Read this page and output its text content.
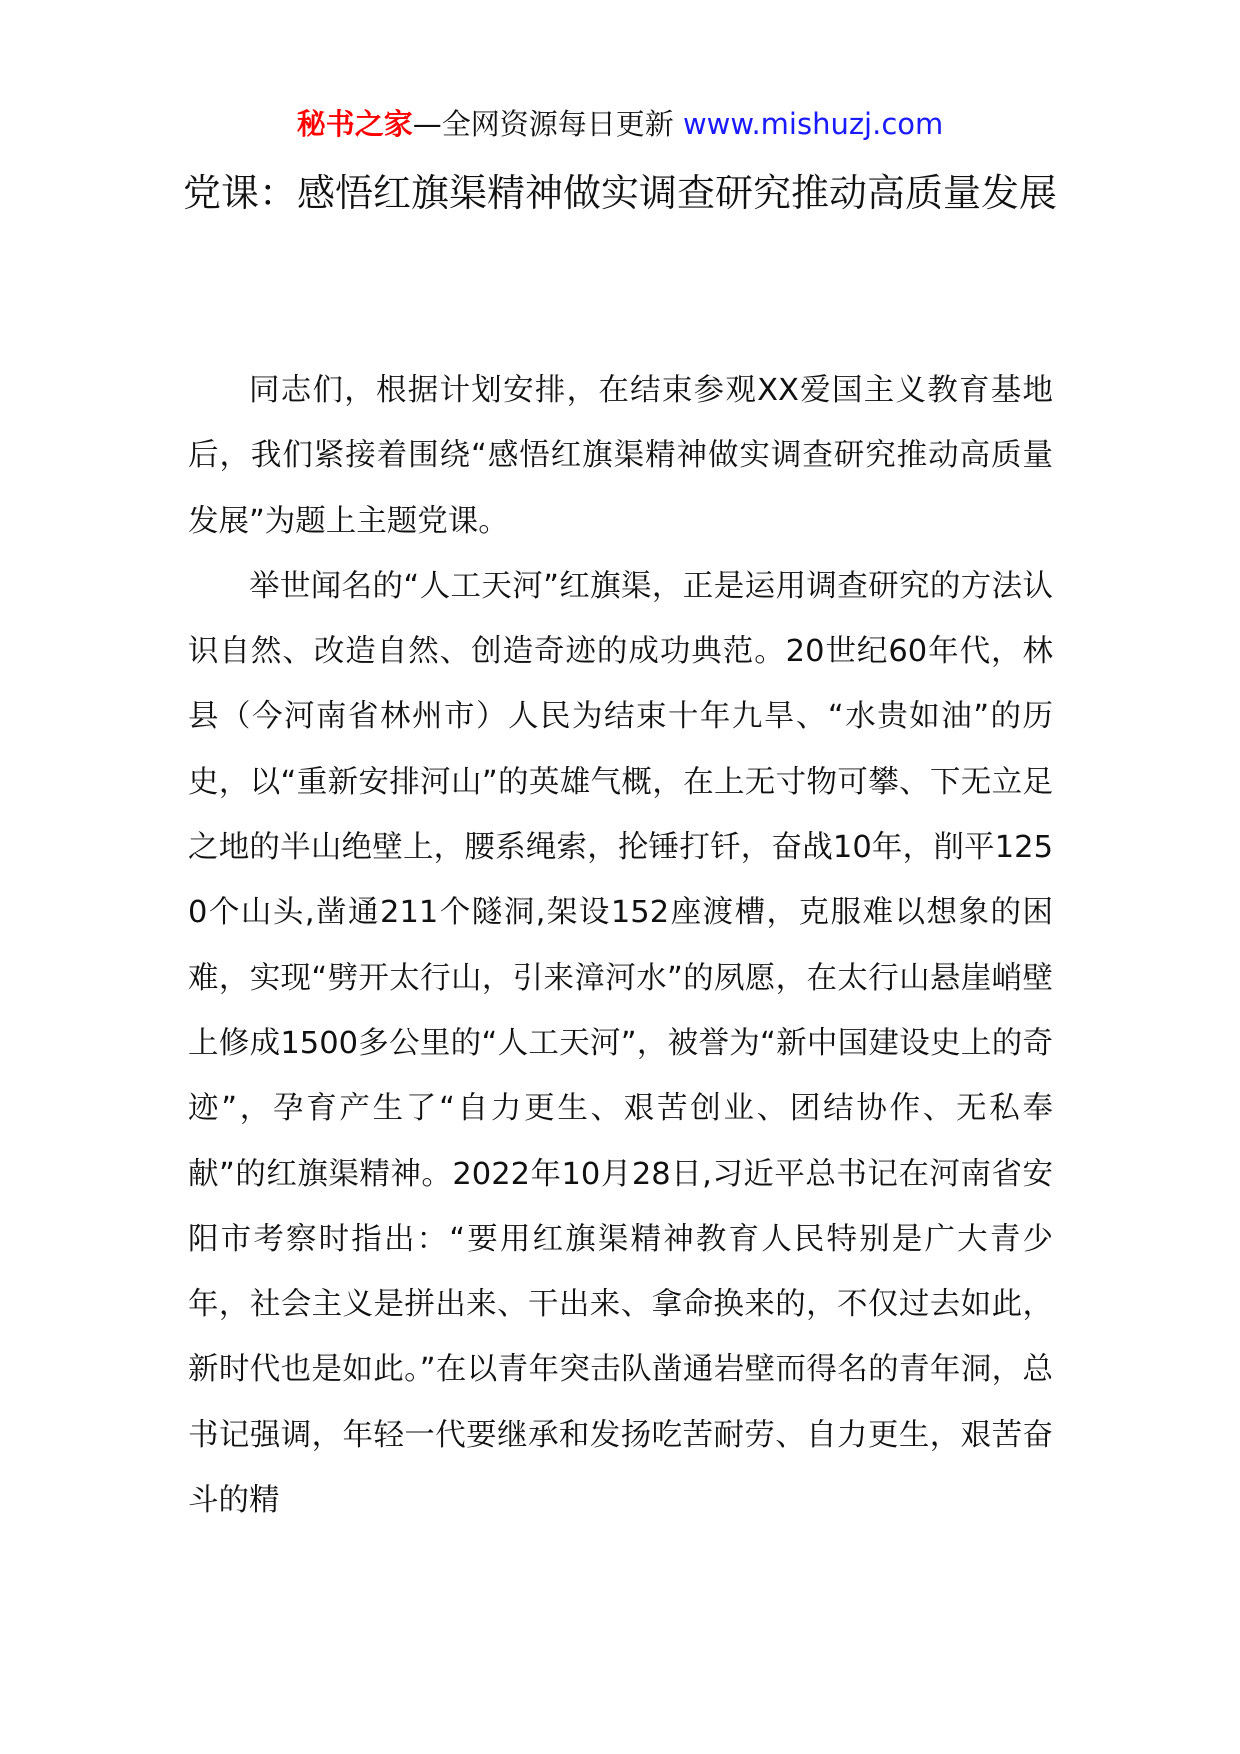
秘书之家—全网资源每日更新 www.mishuzj.com
党课：感悟红旗渠精神做实调查研究推动高质量发展

同志们，根据计划安排，在结束参观XX爱国主义教育基地后，我们紧接着围绕“感悟红旗渠精神做实调查研究推动高质量发展”为题上主题党课。

举世闻名的“人工天河”红旗渠，正是运用调查研究的方法认识自然、改造自然、创造奇迹的成功典范。20世纪60年代，林县（今河南省林州市）人民为结束十年九旱、“水贵如油”的历史，以“重新安排河山”的英雄气概，在上无寸物可攀、下无立足之地的半山绝壁上，腰系绳索，抡锤打钎，奋战10年，削平1250个山头,凿通211个隧洞,架设152座渡槽，克服难以想象的困难，实现“劈开太行山，引来漳河水”的夙愿，在太行山悬崖峭壁上修成1500多公里的“人工天河”，被誉为“新中国建设史上的奇迹”，孕育产生了“自力更生、艰苦创业、团结协作、无私奉献”的红旗渠精神。2022年10月28日,习近平总书记在河南省安阳市考察时指出：“要用红旗渠精神教育人民特别是广大青少年，社会主义是拼出来、干出来、拿命换来的，不仅过去如此，新时代也是如此。”在以青年突击队凿通岩壁而得名的青年洞，总书记强调，年轻一代要继承和发扬吃苦耐劳、自力更生，艰苦奋斗的精
